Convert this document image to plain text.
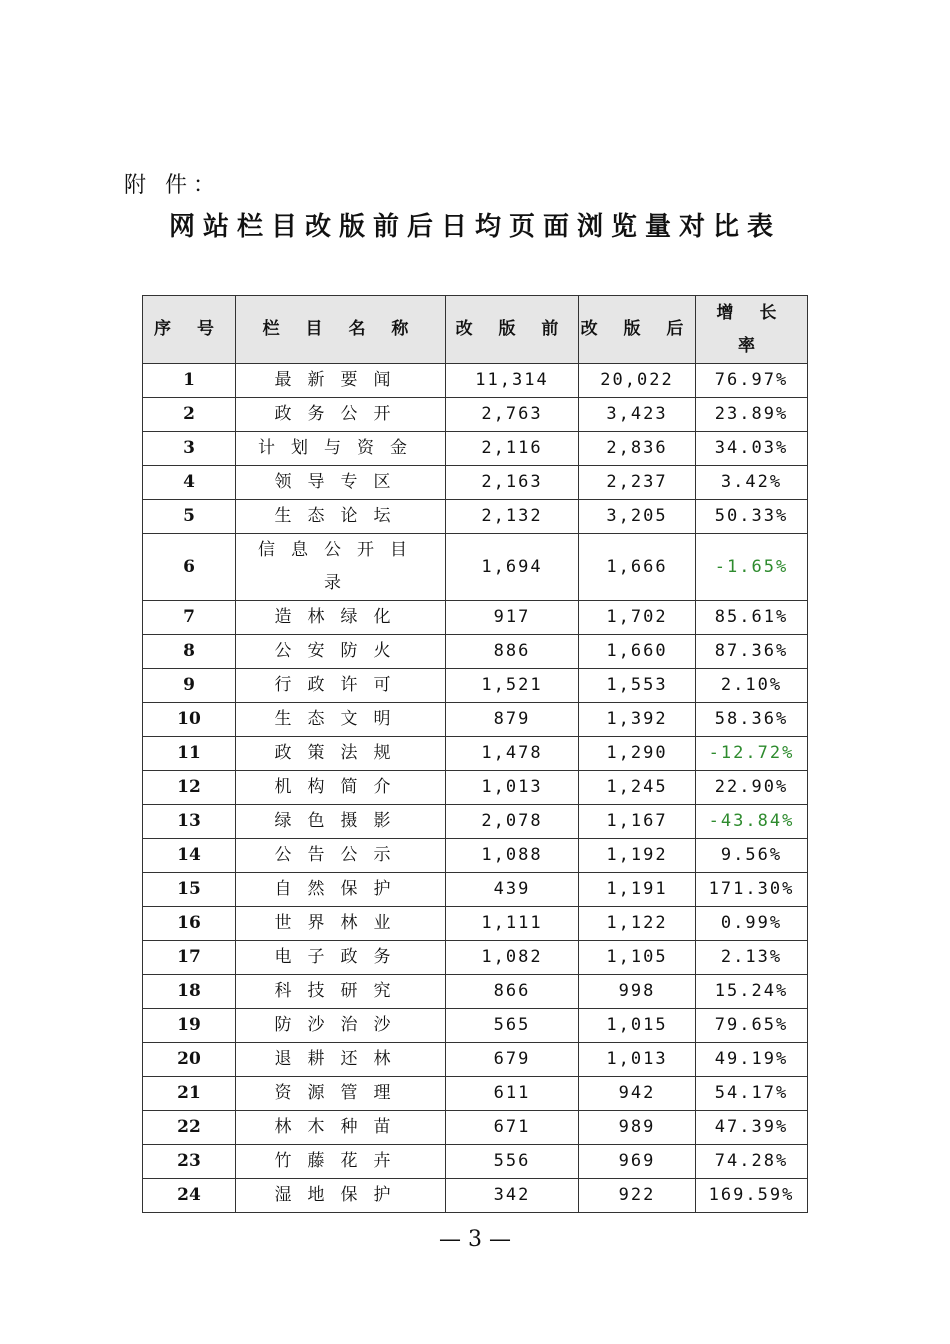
附 件：
网站栏目改版前后日均页面浏览量对比表
序 号	栏 目 名 称	改 版 前	改 版 后	增 长 率
1	最新要闻	11,314	20,022	76.97%
2	政务公开	2,763	3,423	23.89%
3	计划与资金	2,116	2,836	34.03%
4	领导专区	2,163	2,237	3.42%
5	生态论坛	2,132	3,205	50.33%
6	信息公开目录	1,694	1,666	-1.65%
7	造林绿化	917	1,702	85.61%
8	公安防火	886	1,660	87.36%
9	行政许可	1,521	1,553	2.10%
10	生态文明	879	1,392	58.36%
11	政策法规	1,478	1,290	-12.72%
12	机构简介	1,013	1,245	22.90%
13	绿色摄影	2,078	1,167	-43.84%
14	公告公示	1,088	1,192	9.56%
15	自然保护	439	1,191	171.30%
16	世界林业	1,111	1,122	0.99%
17	电子政务	1,082	1,105	2.13%
18	科技研究	866	998	15.24%
19	防沙治沙	565	1,015	79.65%
20	退耕还林	679	1,013	49.19%
21	资源管理	611	942	54.17%
22	林木种苗	671	989	47.39%
23	竹藤花卉	556	969	74.28%
24	湿地保护	342	922	169.59%
— 3 —
